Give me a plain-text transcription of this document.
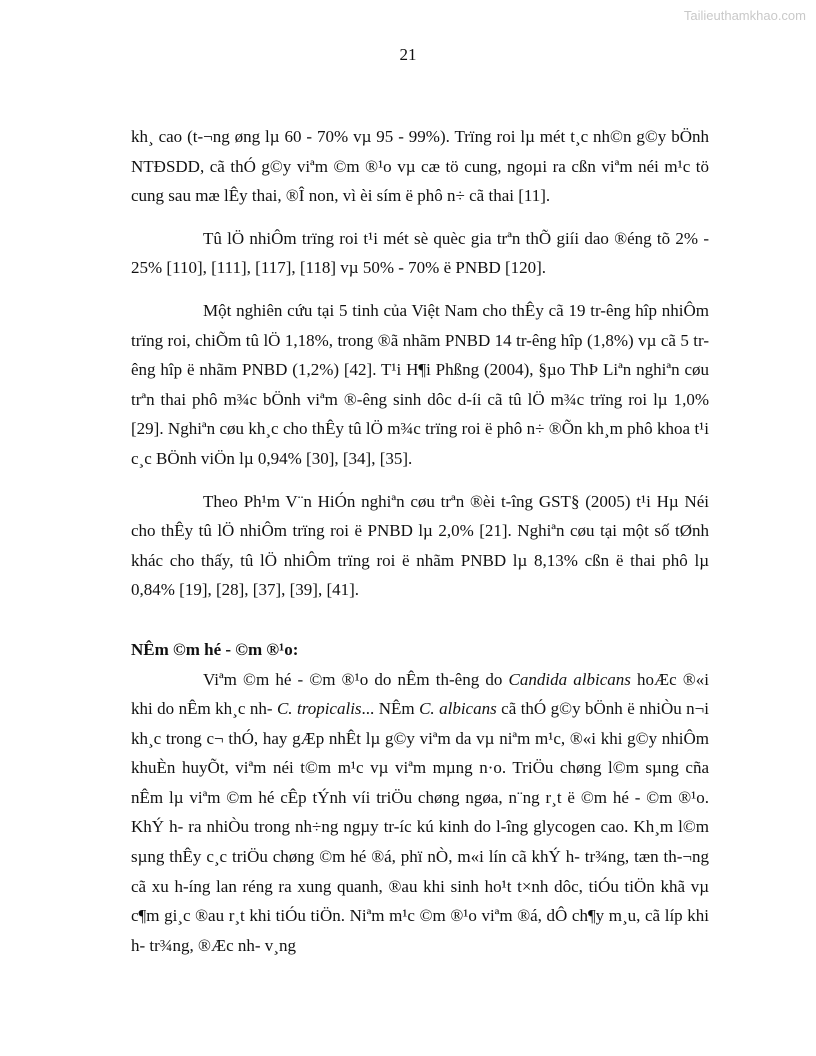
Tailieuthamkhao.com
21

kh¸ cao (t-¬ng øng lµ 60 - 70% vµ 95 - 99%). Trïng roi lµ mét t¸c nh©n g©y bÖnh NTĐSDD, cã thÓ g©y viªm ©m ®¹o vµ cæ tö cung, ngoµi ra cßn viªm néi m¹c tö cung sau mæ lÊy thai, ®Î non, vì èi sím ë phô n÷ cã thai [11].

Tû lÖ nhiÔm trïng roi t¹i mét sè quèc gia trªn thÕ giíi dao ®éng tõ 2% - 25% [110], [111], [117], [118] vµ 50% - 70% ë PNBD [120].

Một nghiên cứu tại 5 tinh của Việt Nam cho thÊy cã 19 tr-êng hîp nhiÔm trïng roi, chiÕm tû lÖ 1,18%, trong ®ã nhãm PNBD 14 tr-êng hîp (1,8%) vµ cã 5 tr-êng hîp ë nhãm PNBD (1,2%) [42]. T¹i H¶i Phßng (2004), §µo ThÞ Liªn nghiªn cøu trªn thai phô m¾c bÖnh viªm ®-êng sinh dôc d-íi cã tû lÖ m¾c trïng roi lµ 1,0% [29]. Nghiªn cøu kh¸c cho thÊy tû lÖ m¾c trïng roi ë phô n÷ ®Õn kh¸m phô khoa t¹i c¸c BÖnh viÖn lµ 0,94% [30], [34], [35].

Theo Ph¹m V¨n HiÓn nghiªn cøu trªn ®èi t-îng GST§ (2005) t¹i Hµ Néi cho thÊy tû lÖ nhiÔm trïng roi ë PNBD lµ 2,0% [21]. Nghiªn cøu tại một số tØnh khác cho thấy, tû lÖ nhiÔm trïng roi ë nhãm PNBD lµ 8,13% cßn ë thai phô lµ 0,84% [19], [28], [37], [39], [41].

NÊm ©m hé - ©m ®¹o:

Viªm ©m hé - ©m ®¹o do nÊm th-êng do Candida albicans hoÆc ®«i khi do nÊm kh¸c nh- C. tropicalis... NÊm C. albicans cã thÓ g©y bÖnh ë nhiÒu n¬i kh¸c trong c¬ thÓ, hay gÆp nhÊt lµ g©y viªm da vµ niªm m¹c, ®«i khi g©y nhiÔm khuÈn huyÕt, viªm néi t©m m¹c vµ viªm mµng n·o. TriÖu chøng l©m sµng cña nÊm lµ viªm ©m hé cÊp tÝnh víi triÖu chøng ngøa, n¨ng r¸t ë ©m hé - ©m ®¹o. KhÝ h- ra nhiÒu trong nh÷ng ngµy tr-íc kú kinh do l-îng glycogen cao. Kh¸m l©m sµng thÊy c¸c triÖu chøng ©m hé ®á, phï nÒ, m«i lín cã khÝ h- tr¾ng, tæn th-¬ng cã xu h-íng lan réng ra xung quanh, ®au khi sinh ho¹t t×nh dôc, tiÓu tiÖn khã vµ c¶m gi¸c ®au r¸t khi tiÓu tiÖn. Niªm m¹c ©m ®¹o viªm ®á, dÔ ch¶y m¸u, cã líp khi h- tr¾ng, ®Æc nh- v¸ng
